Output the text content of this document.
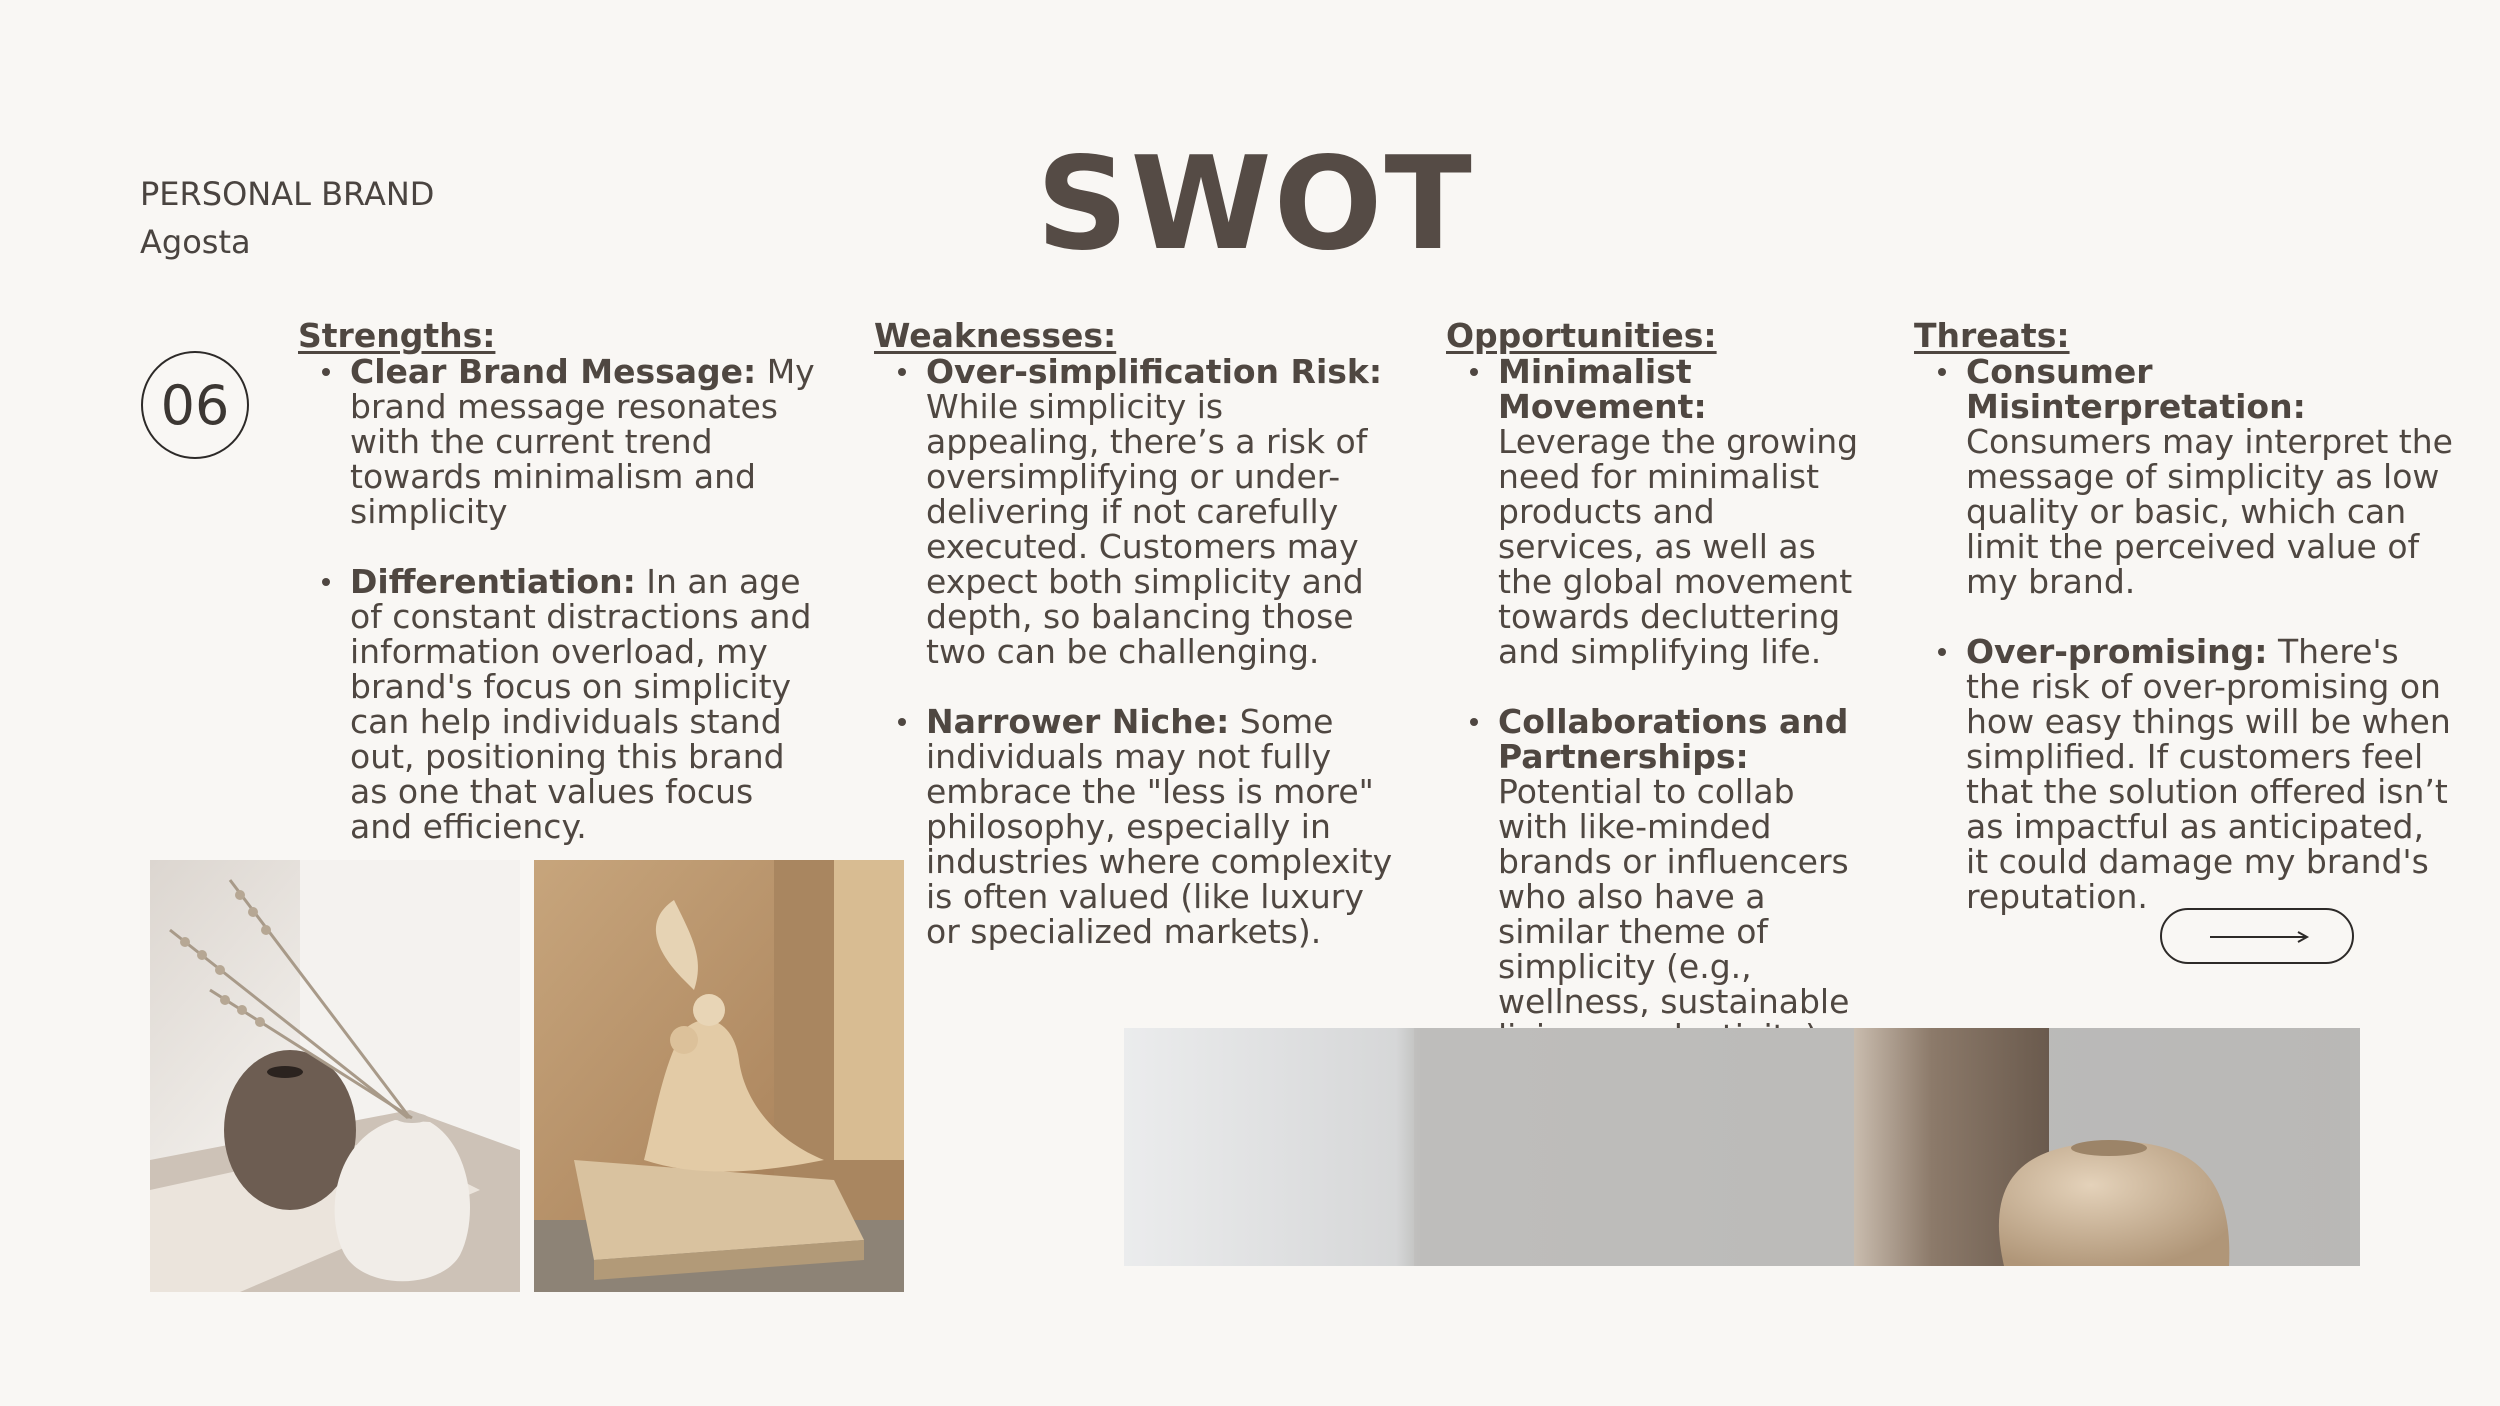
PERSONAL BRAND
Agosta	SWOT
06
Strengths:
Clear Brand Message: My brand message resonates with the current trend towards minimalism and simplicity
Differentiation: In an age of constant distractions and information overload, my brand's focus on simplicity can help individuals stand out, positioning this brand as one that values focus and efficiency.
Weaknesses:
Over-simplification Risk: While simplicity is appealing, there’s a risk of oversimplifying or under-delivering if not carefully executed. Customers may expect both simplicity and depth, so balancing those two can be challenging.
Narrower Niche: Some individuals may not fully embrace the "less is more" philosophy, especially in industries where complexity is often valued (like luxury or specialized markets).
Opportunities:
Minimalist Movement: Leverage the growing need for minimalist products and services, as well as the global movement towards decluttering and simplifying life.
Collaborations and Partnerships: Potential to collab with like-minded brands or influencers who also have a similar theme of simplicity (e.g., wellness, sustainable
Threats:
Consumer Misinterpretation: Consumers may interpret the message of simplicity as low quality or basic, which can limit the perceived value of my brand.
Over-promising: There's the risk of over-promising on how easy things will be when simplified. If customers feel that the solution offered isn’t as impactful as anticipated, it could damage my brand's reputation.
